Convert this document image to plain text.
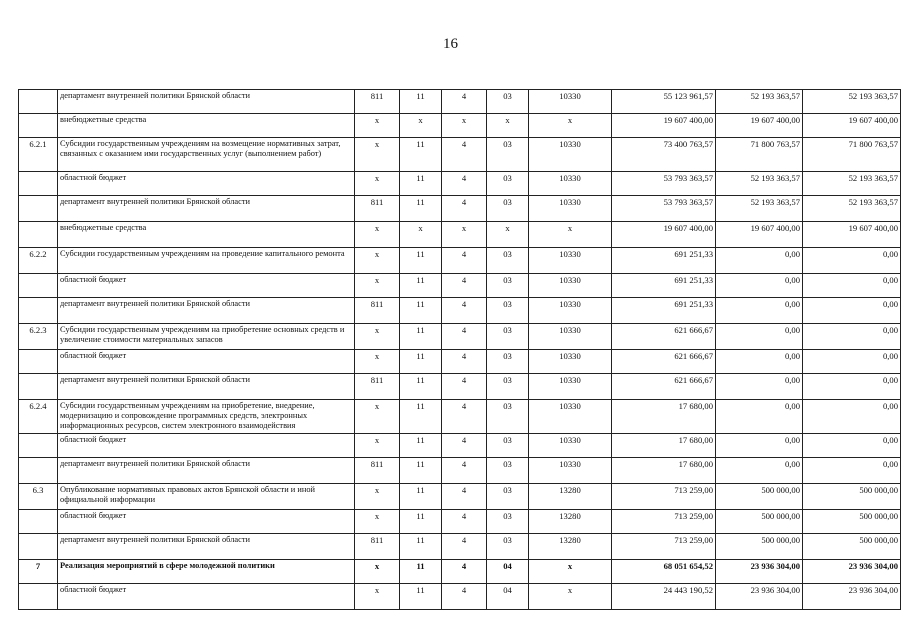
16
	департамент внутренней политики Брянской области	811	11	4	03	10330	55 123 961,57	52 193 363,57	52 193 363,57
	внебюджетные средства	х	х	х	х	х	19 607 400,00	19 607 400,00	19 607 400,00
6.2.1	Субсидии государственным учреждениям на возмещение нормативных затрат, связанных с оказанием ими государственных услуг (выполнением работ)	х	11	4	03	10330	73 400 763,57	71 800 763,57	71 800 763,57
	областной бюджет	х	11	4	03	10330	53 793 363,57	52 193 363,57	52 193 363,57
	департамент внутренней политики Брянской области	811	11	4	03	10330	53 793 363,57	52 193 363,57	52 193 363,57
	внебюджетные средства	х	х	х	х	х	19 607 400,00	19 607 400,00	19 607 400,00
6.2.2	Субсидии государственным учреждениям на проведение капитального ремонта	х	11	4	03	10330	691 251,33	0,00	0,00
	областной бюджет	х	11	4	03	10330	691 251,33	0,00	0,00
	департамент внутренней политики Брянской области	811	11	4	03	10330	691 251,33	0,00	0,00
6.2.3	Субсидии государственным учреждениям на приобретение основных средств и увеличение стоимости материальных запасов	х	11	4	03	10330	621 666,67	0,00	0,00
	областной бюджет	х	11	4	03	10330	621 666,67	0,00	0,00
	департамент внутренней политики Брянской области	811	11	4	03	10330	621 666,67	0,00	0,00
6.2.4	Субсидии государственным учреждениям на приобретение, внедрение, модернизацию и сопровождение программных средств, электронных информационных ресурсов, систем электронного взаимодействия	х	11	4	03	10330	17 680,00	0,00	0,00
	областной бюджет	х	11	4	03	10330	17 680,00	0,00	0,00
	департамент внутренней политики Брянской области	811	11	4	03	10330	17 680,00	0,00	0,00
6.3	Опубликование нормативных правовых актов Брянской области и иной официальной информации	х	11	4	03	13280	713 259,00	500 000,00	500 000,00
	областной бюджет	х	11	4	03	13280	713 259,00	500 000,00	500 000,00
	департамент внутренней политики Брянской области	811	11	4	03	13280	713 259,00	500 000,00	500 000,00
7	Реализация мероприятий в сфере молодежной политики	х	11	4	04	х	68 051 654,52	23 936 304,00	23 936 304,00
	областной бюджет	х	11	4	04	х	24 443 190,52	23 936 304,00	23 936 304,00
